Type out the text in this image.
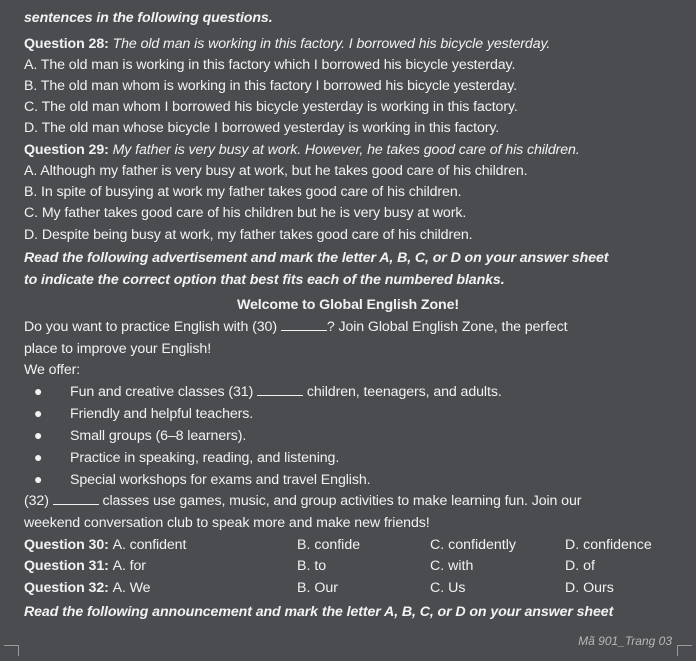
sentences in the following questions.
Question 28: The old man is working in this factory. I borrowed his bicycle yesterday.
A. The old man is working in this factory which I borrowed his bicycle yesterday.
B. The old man whom is working in this factory I borrowed his bicycle yesterday.
C. The old man whom I borrowed his bicycle yesterday is working in this factory.
D. The old man whose bicycle I borrowed yesterday is working in this factory.
Question 29: My father is very busy at work. However, he takes good care of his children.
A. Although my father is very busy at work, but he takes good care of his children.
B. In spite of busying at work my father takes good care of his children.
C. My father takes good care of his children but he is very busy at work.
D. Despite being busy at work, my father takes good care of his children.
Read the following advertisement and mark the letter A, B, C, or D on your answer sheet
to indicate the correct option that best fits each of the numbered blanks.
Welcome to Global English Zone!
Do you want to practice English with (30)	? Join Global English Zone, the perfect
place to improve your English!
We offer:
● Fun and creative classes (31)	children, teenagers, and adults.
● Friendly and helpful teachers.
● Small groups (6–8 learners).
● Practice in speaking, reading, and listening.
● Special workshops for exams and travel English.
(32)	classes use games, music, and group activities to make learning fun. Join our
weekend conversation club to speak more and make new friends!
Question 30: A. confident	B. confide	C. confidently	D. confidence
Question 31: A. for	B. to	C. with	D. of
Question 32: A. We	B. Our	C. Us	D. Ours
Read the following announcement and mark the letter A, B, C, or D on your answer sheet
Mã 901_Trang 03
